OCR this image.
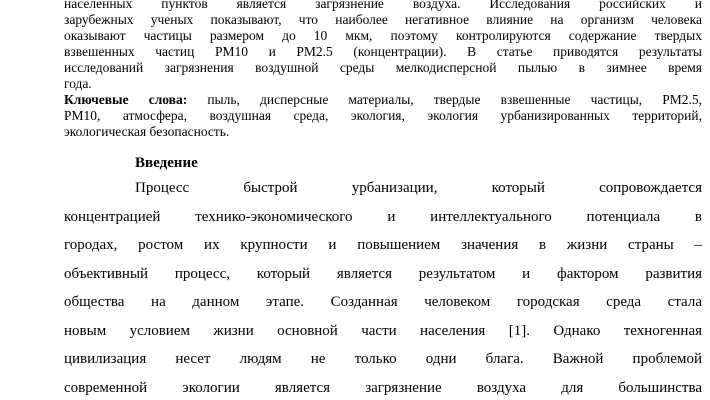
населенных пунктов является загрязнение воздуха. Исследования российских и
зарубежных ученых показывают, что наиболее негативное влияние на организм человека
оказывают частицы размером до 10 мкм, поэтому контролируются содержание твердых
взвешенных частиц РМ10 и РМ2.5 (концентрации). В статье приводятся результаты
исследований загрязнения воздушной среды мелкодисперсной пылью в зимнее время
года.
Ключевые слова: пыль, дисперсные материалы, твердые взвешенные частицы, РМ2.5,
РМ10, атмосфера, воздушная среда, экология, экология урбанизированных территорий,
экологическая безопасность.
Введение
Процесс быстрой урбанизации, который сопровождается
концентрацией технико-экономического и интеллектуального потенциала в
городах, ростом их крупности и повышением значения в жизни страны –
объективный процесс, который является результатом и фактором развития
общества на данном этапе. Созданная человеком городская среда стала
новым условием жизни основной части населения [1]. Однако техногенная
цивилизация несет людям не только одни блага. Важной проблемой
современной экологии является загрязнение воздуха для большинства
